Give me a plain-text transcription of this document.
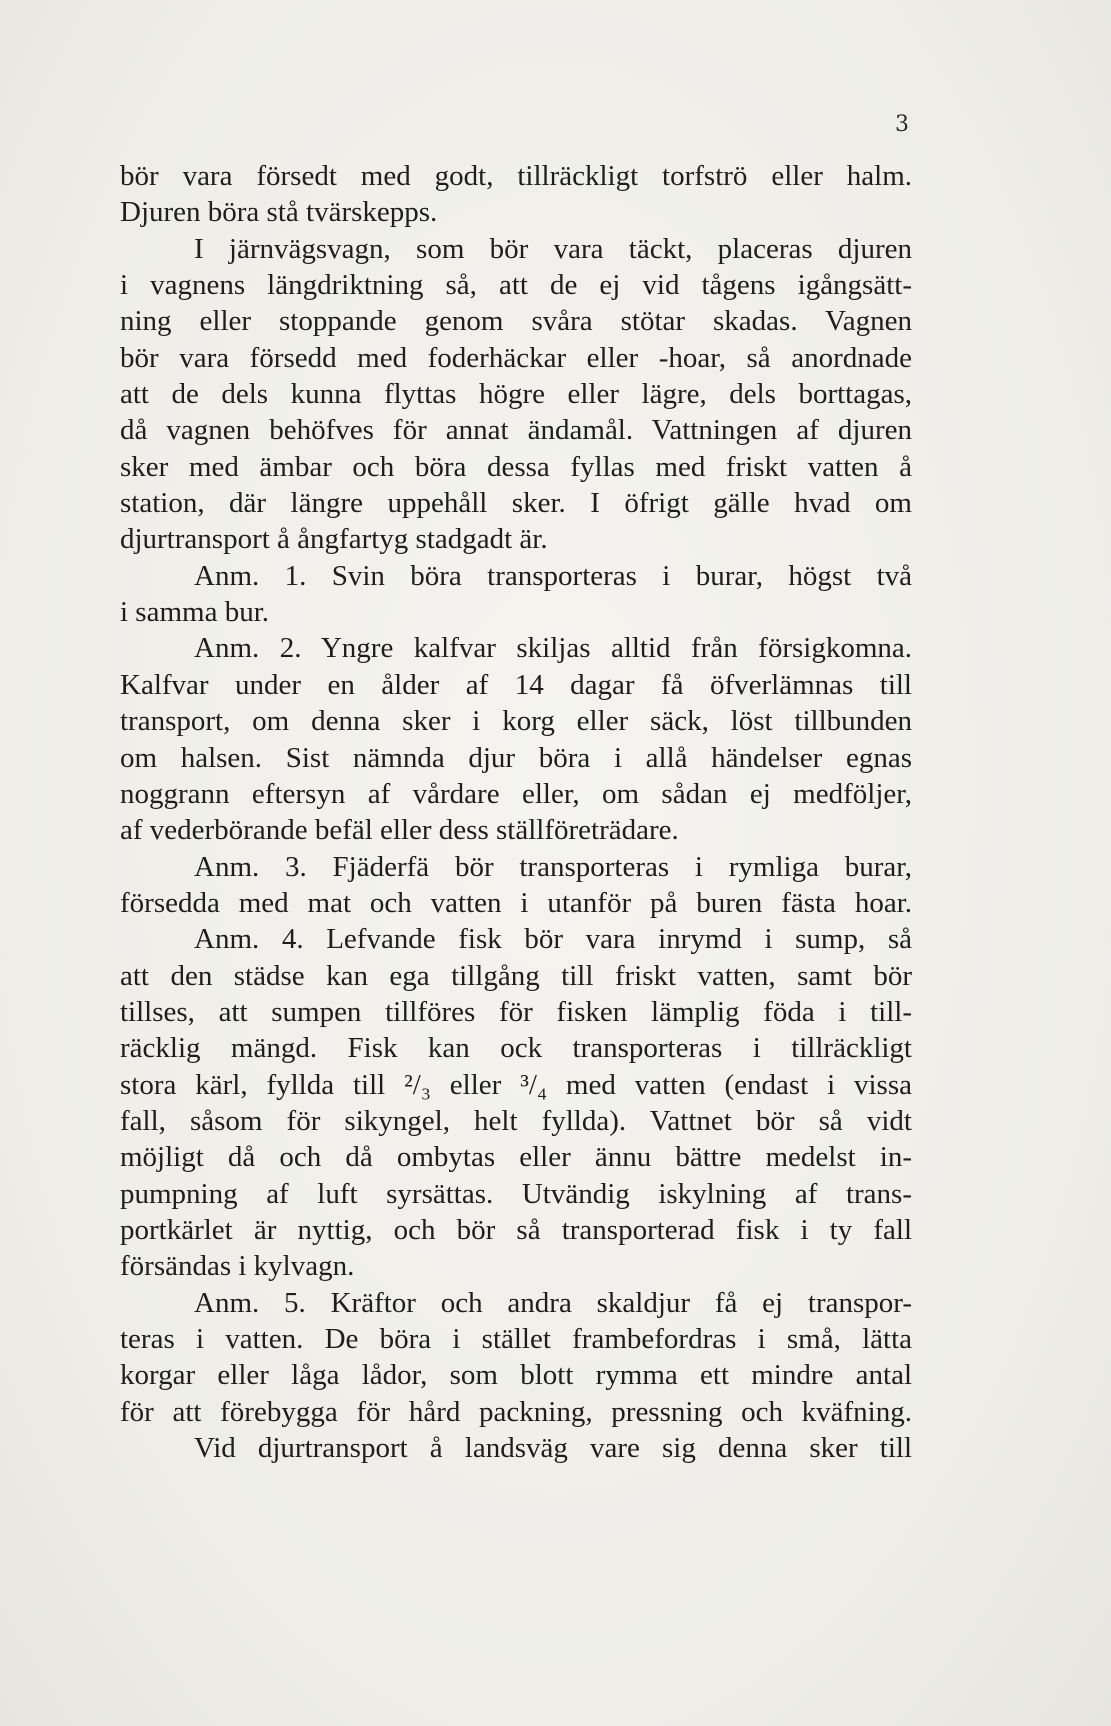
3
bör vara försedt med godt, tillräckligt torfströ eller halm.
Djuren böra stå tvärskepps.
I järnvägsvagn, som bör vara täckt, placeras djuren
i vagnens längdriktning så, att de ej vid tågens igångsätt-
ning eller stoppande genom svåra stötar skadas. Vagnen
bör vara försedd med foderhäckar eller -hoar, så anordnade
att de dels kunna flyttas högre eller lägre, dels borttagas,
då vagnen behöfves för annat ändamål. Vattningen af djuren
sker med ämbar och böra dessa fyllas med friskt vatten å
station, där längre uppehåll sker. I öfrigt gälle hvad om
djurtransport å ångfartyg stadgadt är.
Anm. 1. Svin böra transporteras i burar, högst två
i samma bur.
Anm. 2. Yngre kalfvar skiljas alltid från försigkomna.
Kalfvar under en ålder af 14 dagar få öfverlämnas till
transport, om denna sker i korg eller säck, löst tillbunden
om halsen. Sist nämnda djur böra i allå händelser egnas
noggrann eftersyn af vårdare eller, om sådan ej medföljer,
af vederbörande befäl eller dess ställföreträdare.
Anm. 3. Fjäderfä bör transporteras i rymliga burar,
försedda med mat och vatten i utanför på buren fästa hoar.
Anm. 4. Lefvande fisk bör vara inrymd i sump, så
att den städse kan ega tillgång till friskt vatten, samt bör
tillses, att sumpen tillföres för fisken lämplig föda i till-
räcklig mängd. Fisk kan ock transporteras i tillräckligt
stora kärl, fyllda till ²/₃ eller ³/₄ med vatten (endast i vissa
fall, såsom för sikyngel, helt fyllda). Vattnet bör så vidt
möjligt då och då ombytas eller ännu bättre medelst in-
pumpning af luft syrsättas. Utvändig iskylning af trans-
portkärlet är nyttig, och bör så transporterad fisk i ty fall
försändas i kylvagn.
Anm. 5. Kräftor och andra skaldjur få ej transpor-
teras i vatten. De böra i stället frambefordras i små, lätta
korgar eller låga lådor, som blott rymma ett mindre antal
för att förebygga för hård packning, pressning och kväfning.
Vid djurtransport å landsväg vare sig denna sker till
